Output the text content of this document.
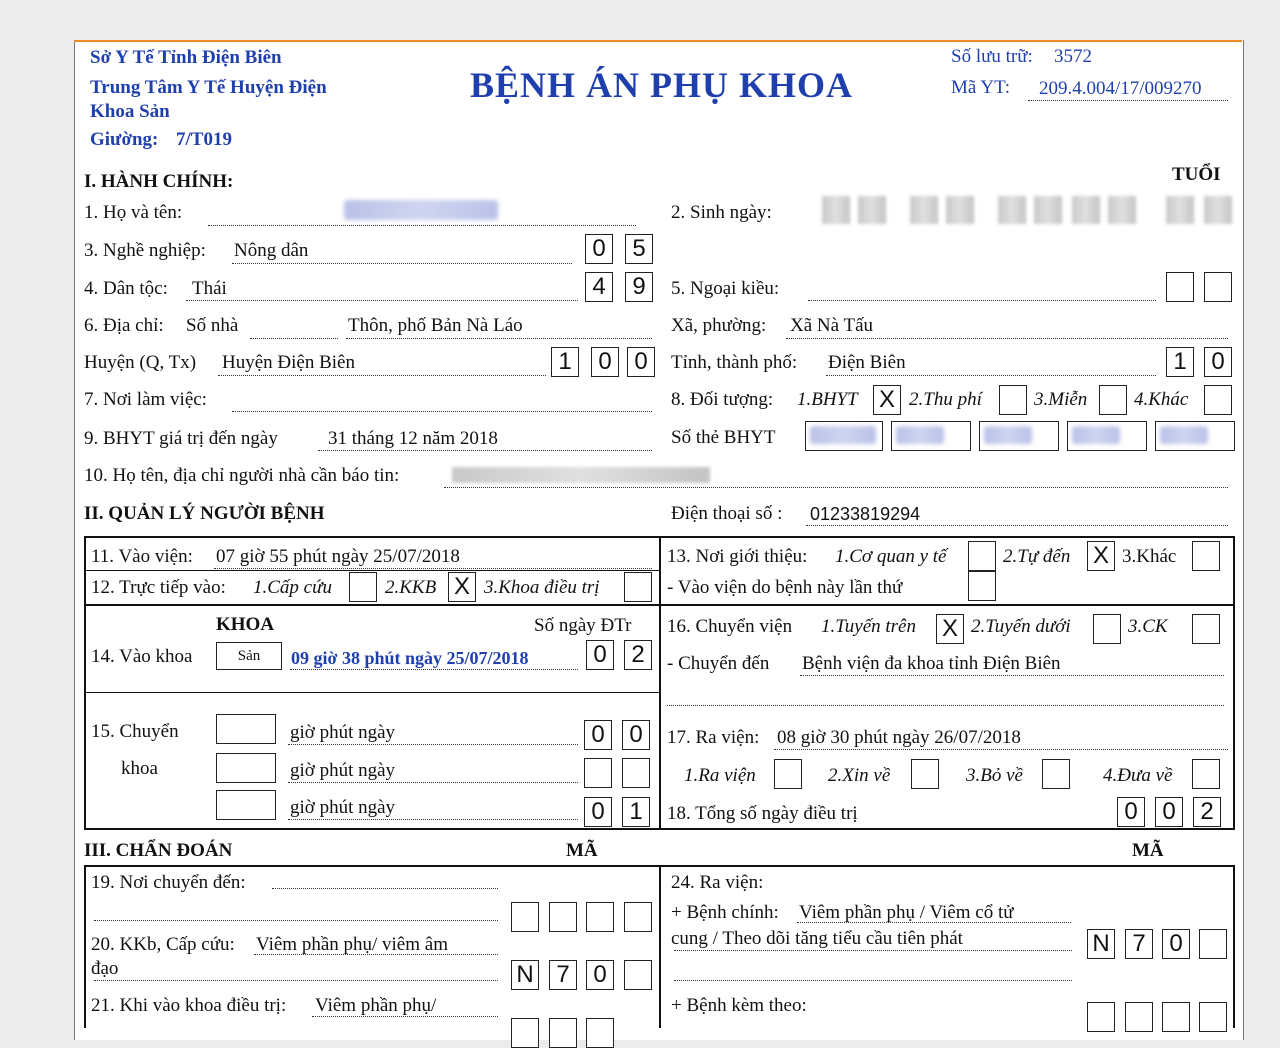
Sở Y Tế Tỉnh Điện Biên
Trung Tâm Y Tế Huyện Điện
Khoa Sản
Giường: 7/T019
BỆNH ÁN PHỤ KHOA
Số lưu trữ: 3572
Mã YT: 209.4.004/17/009270
I. HÀNH CHÍNH:	TUỔI
1. Họ và tên:	2. Sinh ngày:
3. Nghề nghiệp: Nông dân	0	5
4. Dân tộc: Thái	4	9	5. Ngoại kiều:
6. Địa chỉ: Số nhà	Thôn, phố Bản Nà Láo	Xã, phường: Xã Nà Tấu
Huyện (Q, Tx) Huyện Điện Biên	1	0 0	Tỉnh, thành phố: Điện Biên	1	0
7. Nơi làm việc:	8. Đối tượng: 1.BHYT X 2.Thu phí	3.Miễn 4.Khác
9. BHYT giá trị đến ngày	31 tháng 12 năm 2018	Số thẻ BHYT
10. Họ tên, địa chỉ người nhà cần báo tin:
II. QUẢN LÝ NGƯỜI BỆNH	Điện thoại số : 01233819294
11. Vào viện: 07 giờ 55 phút ngày 25/07/2018
12. Trực tiếp vào: 1.Cấp cứu	2.KKB X 3.Khoa điều trị
13. Nơi giới thiệu: 1.Cơ quan y tế	2.Tự đến X 3.Khác
- Vào viện do bệnh này lần thứ
KHOA	Số ngày ĐTr
14. Vào khoa	Sản	09 giờ 38 phút ngày 25/07/2018	0	2
15. Chuyển
khoa
giờ phút ngày	0	0
giờ phút ngày
giờ phút ngày	0	1
16. Chuyển viện 1.Tuyến trên X 2.Tuyến dưới	3.CK
- Chuyển đến Bệnh viện đa khoa tỉnh Điện Biên
17. Ra viện: 08 giờ 30 phút ngày 26/07/2018
1.Ra viện	2.Xin về	3.Bỏ về	4.Đưa về
18. Tổng số ngày điều trị	0	0	2
III. CHẨN ĐOÁN	MÃ	MÃ
19. Nơi chuyển đến:
20. KKb, Cấp cứu: Viêm phần phụ/ viêm âm
đạo	N 7 0
21. Khi vào khoa điều trị: Viêm phần phụ/
24. Ra viện:
+ Bệnh chính: Viêm phần phụ / Viêm cổ tử
cung / Theo dõi tăng tiểu cầu tiên phát	N 7 0
+ Bệnh kèm theo:
